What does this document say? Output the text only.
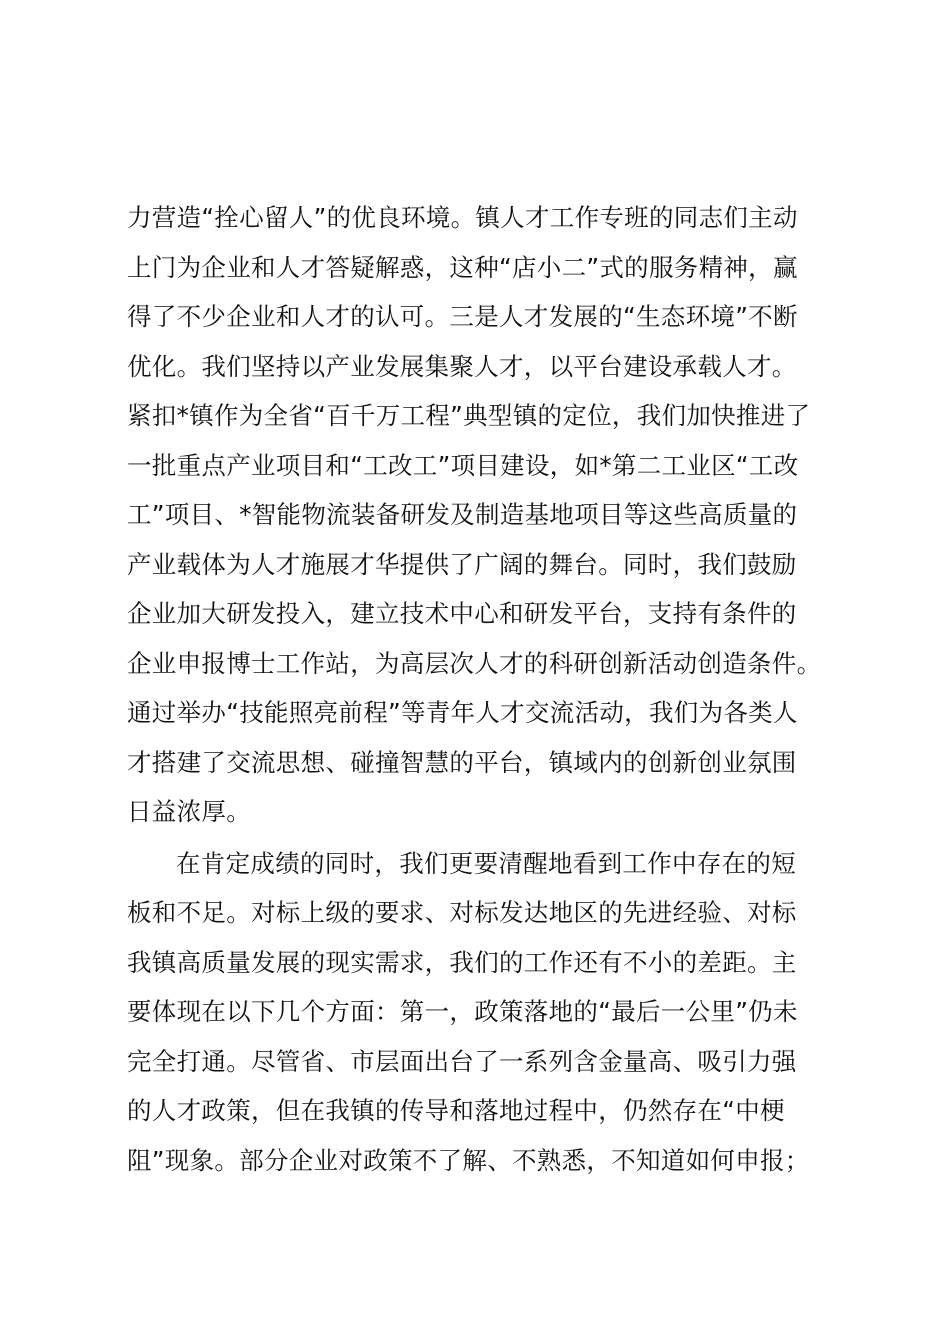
力营造“拴心留人”的优良环境。镇人才工作专班的同志们主动
上门为企业和人才答疑解惑，这种“店小二”式的服务精神，赢
得了不少企业和人才的认可。三是人才发展的“生态环境”不断
优化。我们坚持以产业发展集聚人才，以平台建设承载人才。
紧扣*镇作为全省“百千万工程”典型镇的定位，我们加快推进了
一批重点产业项目和“工改工”项目建设，如*第二工业区“工改
工”项目、*智能物流装备研发及制造基地项目等这些高质量的
产业载体为人才施展才华提供了广阔的舞台。同时，我们鼓励
企业加大研发投入，建立技术中心和研发平台，支持有条件的
企业申报博士工作站，为高层次人才的科研创新活动创造条件。
通过举办“技能照亮前程”等青年人才交流活动，我们为各类人
才搭建了交流思想、碰撞智慧的平台，镇域内的创新创业氛围
日益浓厚。
在肯定成绩的同时，我们更要清醒地看到工作中存在的短
板和不足。对标上级的要求、对标发达地区的先进经验、对标
我镇高质量发展的现实需求，我们的工作还有不小的差距。主
要体现在以下几个方面：第一，政策落地的“最后一公里”仍未
完全打通。尽管省、市层面出台了一系列含金量高、吸引力强
的人才政策，但在我镇的传导和落地过程中，仍然存在“中梗
阻”现象。部分企业对政策不了解、不熟悉，不知道如何申报；
